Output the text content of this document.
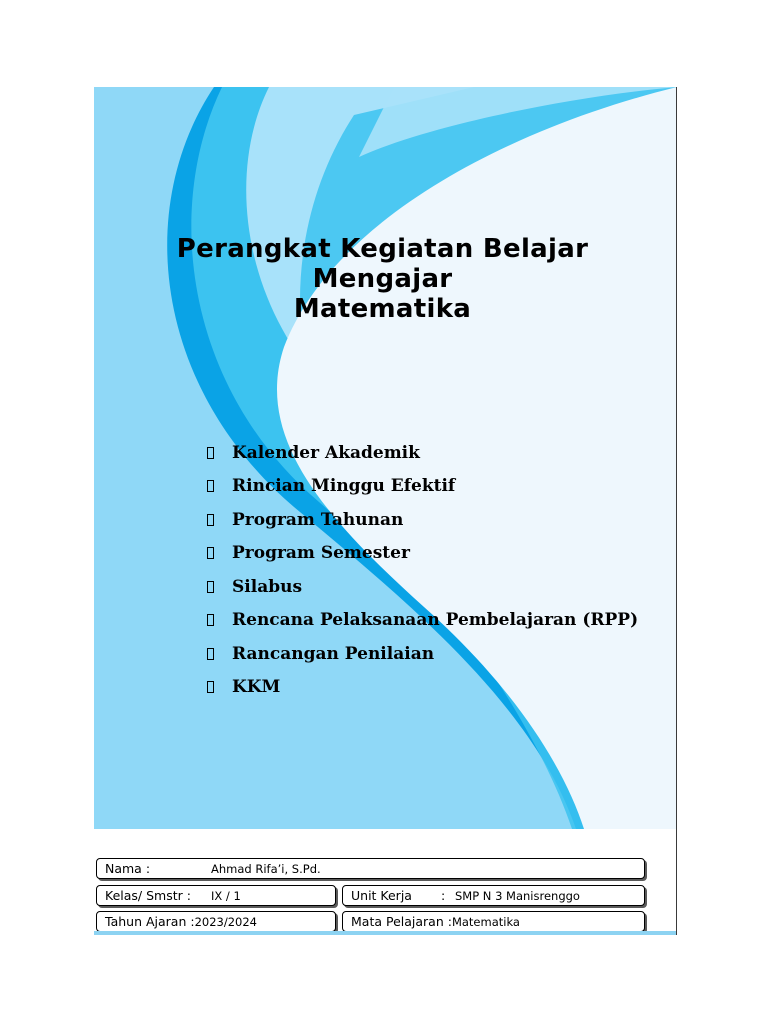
Perangkat Kegiatan Belajar
Mengajar
Matematika
Kalender Akademik
Rincian Minggu Efektif
Program Tahunan
Program Semester
Silabus
Rencana Pelaksanaan Pembelajaran (RPP)
Rancangan Penilaian
KKM
Nama :	Ahmad Rifa’i, S.Pd.
Kelas/ Smstr :	IX / 1	Unit Kerja	: SMP N 3 Manisrenggo
Tahun Ajaran : 2023/2024	Mata Pelajaran : Matematika
